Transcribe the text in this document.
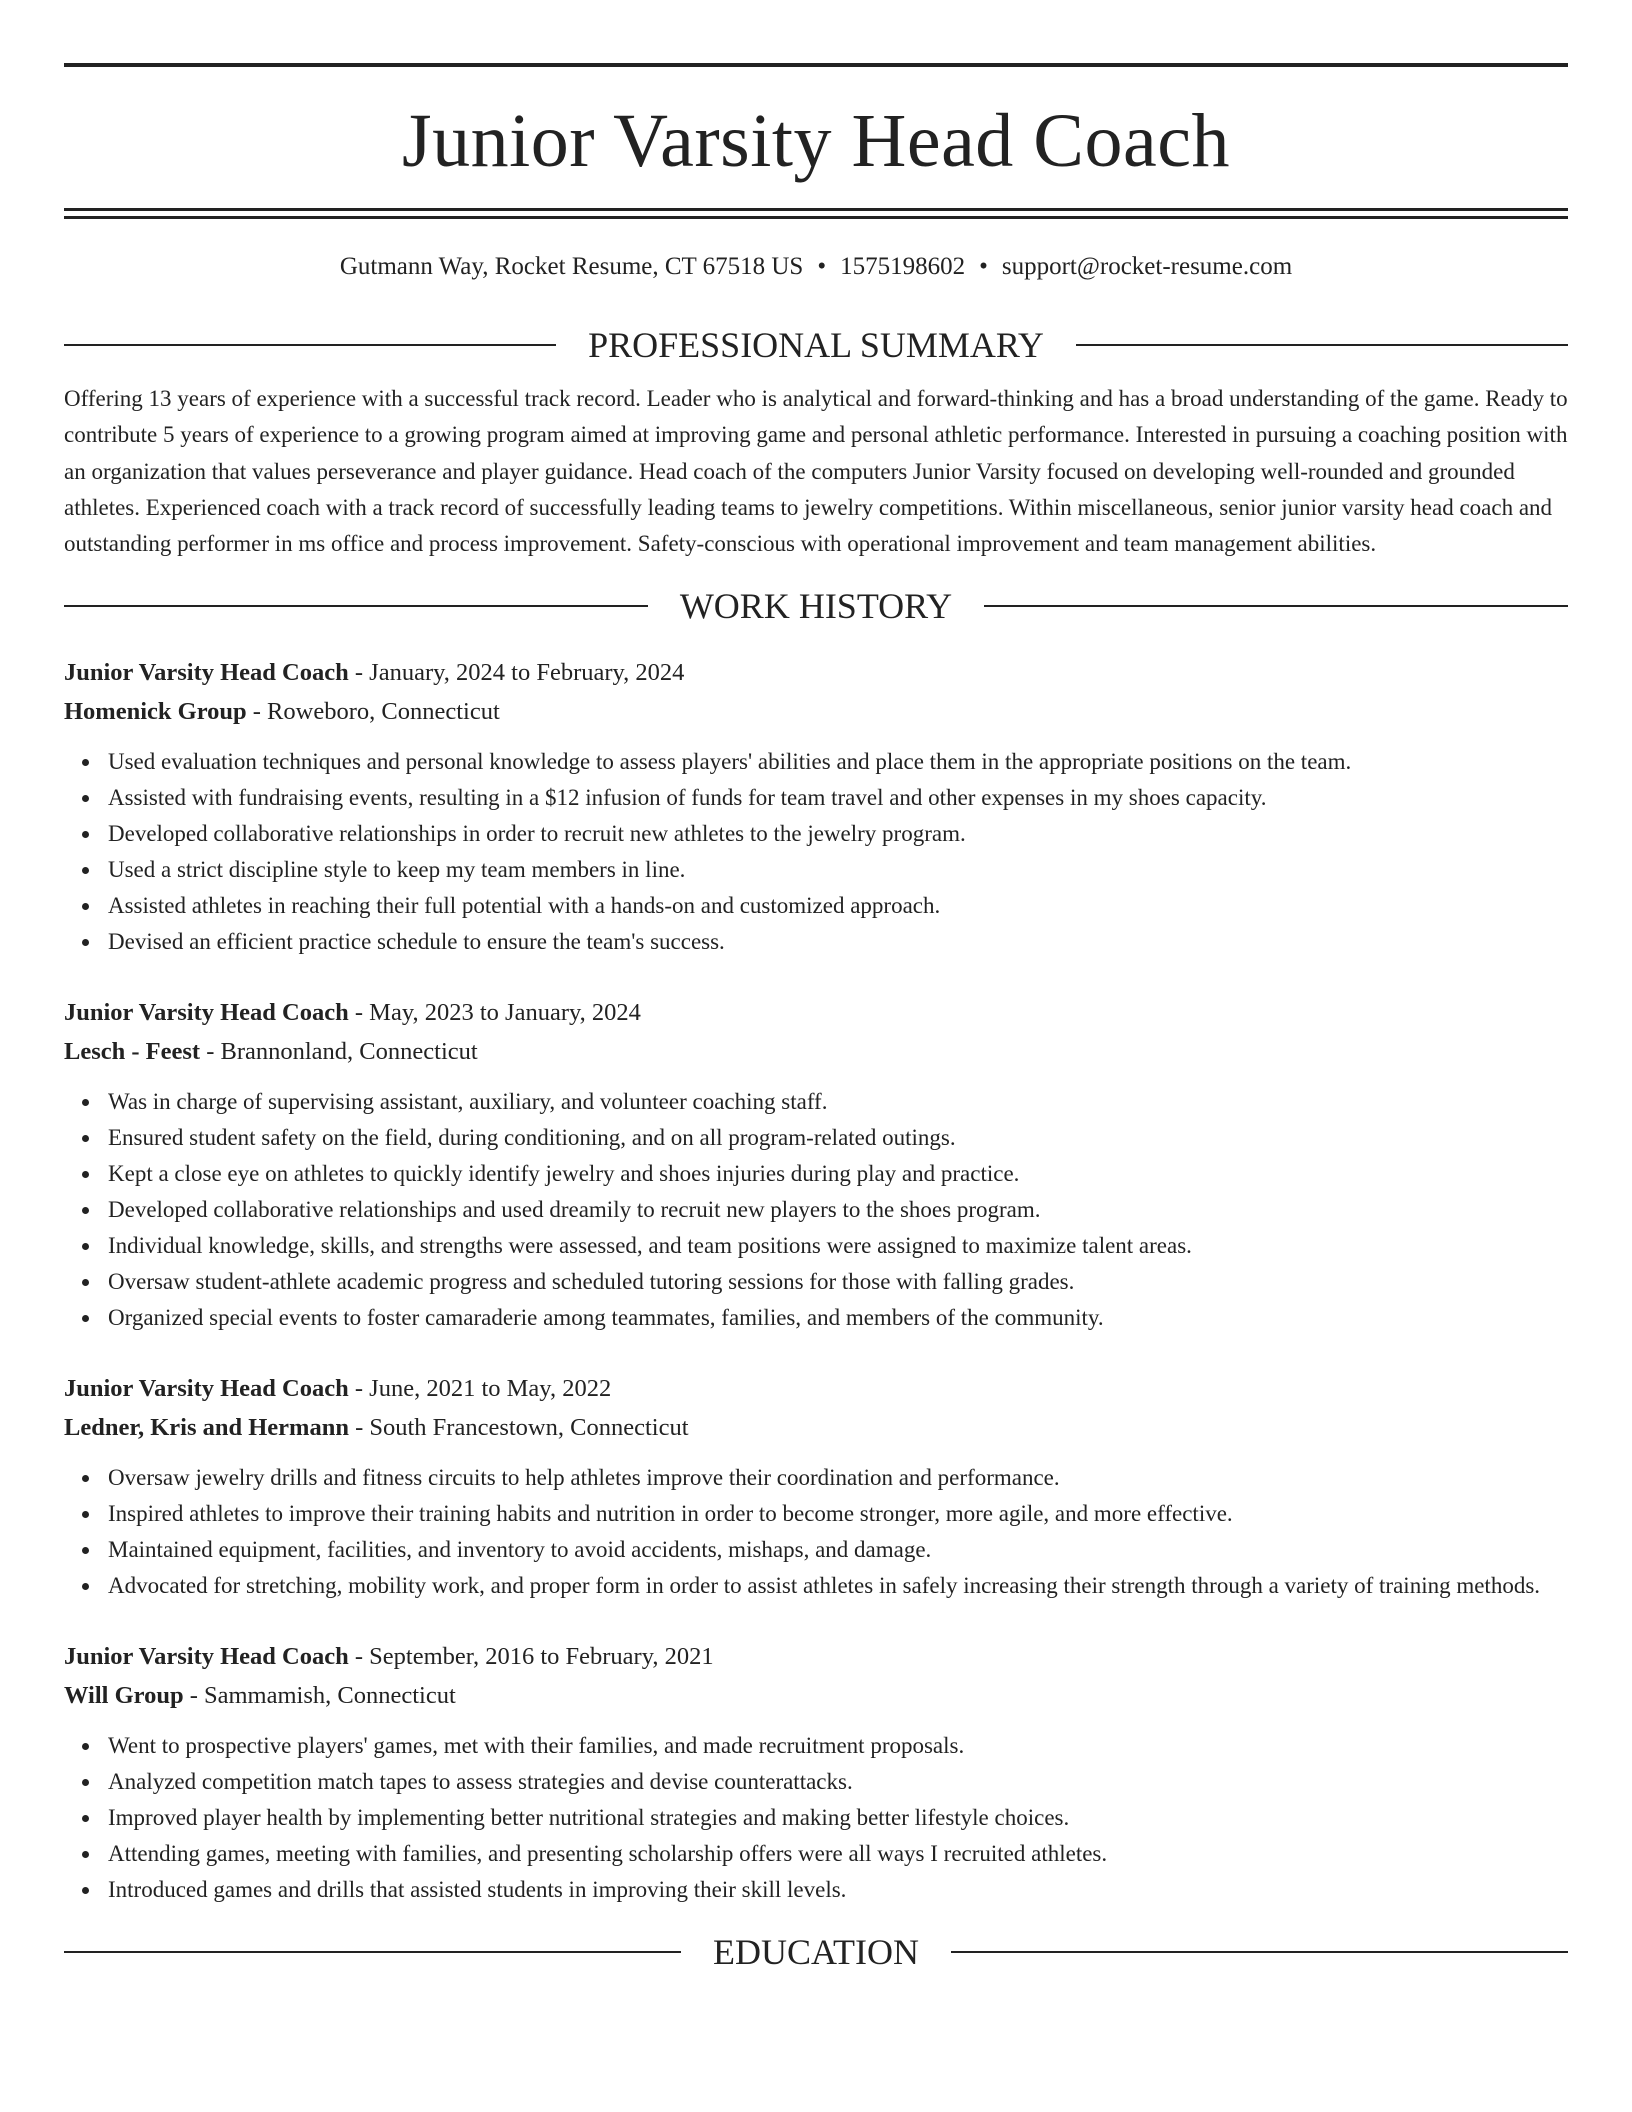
Junior Varsity Head Coach
Gutmann Way, Rocket Resume, CT 67518 US • 1575198602 • support@rocket-resume.com
PROFESSIONAL SUMMARY
Offering 13 years of experience with a successful track record. Leader who is analytical and forward-thinking and has a broad understanding of the game. Ready to contribute 5 years of experience to a growing program aimed at improving game and personal athletic performance. Interested in pursuing a coaching position with an organization that values perseverance and player guidance. Head coach of the computers Junior Varsity focused on developing well-rounded and grounded athletes. Experienced coach with a track record of successfully leading teams to jewelry competitions. Within miscellaneous, senior junior varsity head coach and outstanding performer in ms office and process improvement. Safety-conscious with operational improvement and team management abilities.
WORK HISTORY
Junior Varsity Head Coach - January, 2024 to February, 2024
Homenick Group - Roweboro, Connecticut
Used evaluation techniques and personal knowledge to assess players' abilities and place them in the appropriate positions on the team.
Assisted with fundraising events, resulting in a $12 infusion of funds for team travel and other expenses in my shoes capacity.
Developed collaborative relationships in order to recruit new athletes to the jewelry program.
Used a strict discipline style to keep my team members in line.
Assisted athletes in reaching their full potential with a hands-on and customized approach.
Devised an efficient practice schedule to ensure the team's success.
Junior Varsity Head Coach - May, 2023 to January, 2024
Lesch - Feest - Brannonland, Connecticut
Was in charge of supervising assistant, auxiliary, and volunteer coaching staff.
Ensured student safety on the field, during conditioning, and on all program-related outings.
Kept a close eye on athletes to quickly identify jewelry and shoes injuries during play and practice.
Developed collaborative relationships and used dreamily to recruit new players to the shoes program.
Individual knowledge, skills, and strengths were assessed, and team positions were assigned to maximize talent areas.
Oversaw student-athlete academic progress and scheduled tutoring sessions for those with falling grades.
Organized special events to foster camaraderie among teammates, families, and members of the community.
Junior Varsity Head Coach - June, 2021 to May, 2022
Ledner, Kris and Hermann - South Francestown, Connecticut
Oversaw jewelry drills and fitness circuits to help athletes improve their coordination and performance.
Inspired athletes to improve their training habits and nutrition in order to become stronger, more agile, and more effective.
Maintained equipment, facilities, and inventory to avoid accidents, mishaps, and damage.
Advocated for stretching, mobility work, and proper form in order to assist athletes in safely increasing their strength through a variety of training methods.
Junior Varsity Head Coach - September, 2016 to February, 2021
Will Group - Sammamish, Connecticut
Went to prospective players' games, met with their families, and made recruitment proposals.
Analyzed competition match tapes to assess strategies and devise counterattacks.
Improved player health by implementing better nutritional strategies and making better lifestyle choices.
Attending games, meeting with families, and presenting scholarship offers were all ways I recruited athletes.
Introduced games and drills that assisted students in improving their skill levels.
EDUCATION
